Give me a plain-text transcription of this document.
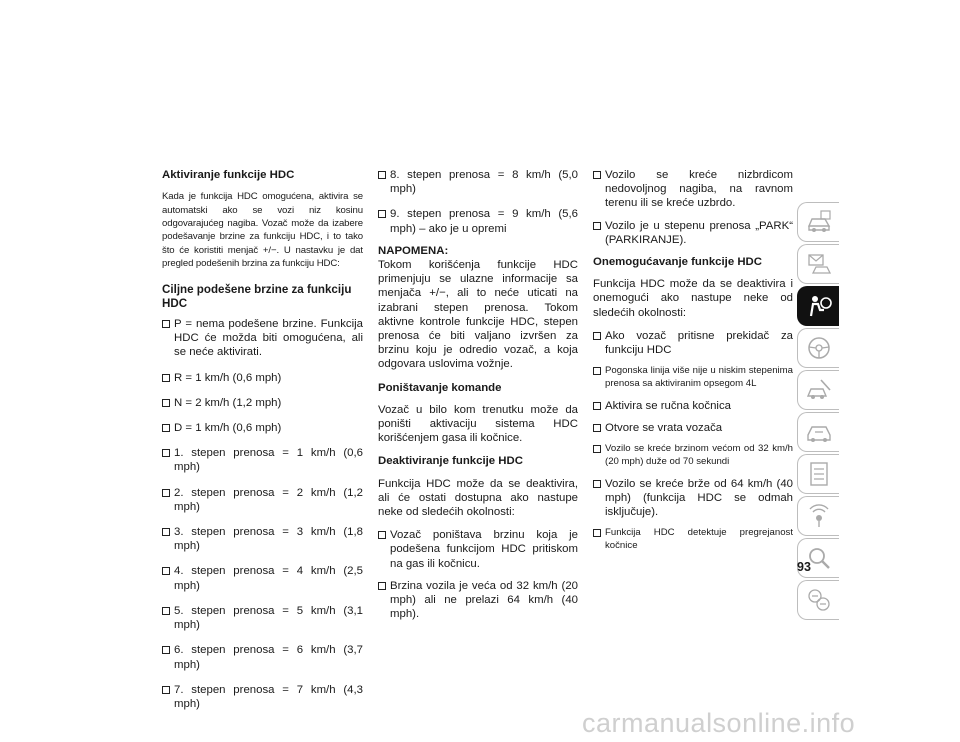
Aktiviranje funkcije HDC

Kada je funkcija HDC omogućena, aktivira se automatski ako se vozi niz kosinu odgovarajućeg nagiba. Vozač može da izabere podešavanje brzine za funkciju HDC, i to tako što će koristiti menjač +/−. U nastavku je dat pregled podešenih brzina za funkciju HDC:

Ciljne podešene brzine za funkciju HDC
P = nema podešene brzine. Funkcija HDC će možda biti omogućena, ali se neće aktivirati.
R = 1 km/h (0,6 mph)
N = 2 km/h (1,2 mph)
D = 1 km/h (0,6 mph)
1. stepen prenosa = 1 km/h (0,6 mph)
2. stepen prenosa = 2 km/h (1,2 mph)
3. stepen prenosa = 3 km/h (1,8 mph)
4. stepen prenosa = 4 km/h (2,5 mph)
5. stepen prenosa = 5 km/h (3,1 mph)
6. stepen prenosa = 6 km/h (3,7 mph)
7. stepen prenosa = 7 km/h (4,3 mph)
8. stepen prenosa = 8 km/h (5,0 mph)
9. stepen prenosa = 9 km/h (5,6 mph) – ako je u opremi
NAPOMENA:

Tokom korišćenja funkcije HDC primenjuju se ulazne informacije sa menjača +/−, ali to neće uticati na izabrani stepen prenosa. Tokom aktivne kontrole funkcije HDC, stepen prenosa će biti valjano izvršen za brzinu koju je odredio vozač, a koja odgovara uslovima vožnje.

Poništavanje komande

Vozač u bilo kom trenutku može da poništi aktivaciju sistema HDC korišćenjem gasa ili kočnice.

Deaktiviranje funkcije HDC

Funkcija HDC može da se deaktivira, ali će ostati dostupna ako nastupe neke od sledećih okolnosti:

Vozač poništava brzinu koja je podešena funkcijom HDC pritiskom na gas ili kočnicu.
Brzina vozila je veća od 32 km/h (20 mph) ali ne prelazi 64 km/h (40 mph).
Vozilo se kreće nizbrdicom nedovoljnog nagiba, na ravnom terenu ili se kreće uzbrdo.
Vozilo je u stepenu prenosa „PARK“ (PARKIRANJE).
Onemogućavanje funkcije HDC

Funkcija HDC može da se deaktivira i onemogući ako nastupe neke od sledećih okolnosti:

Ako vozač pritisne prekidač za funkciju HDC
Pogonska linija više nije u niskim stepenima prenosa sa aktiviranim opsegom 4L
Aktivira se ručna kočnica
Otvore se vrata vozača
Vozilo se kreće brzinom većom od 32 km/h (20 mph) duže od 70 sekundi
Vozilo se kreće brže od 64 km/h (40 mph) (funkcija HDC se odmah isključuje).
Funkcija HDC detektuje pregrejanost kočnice
93
carmanualsonline.info
